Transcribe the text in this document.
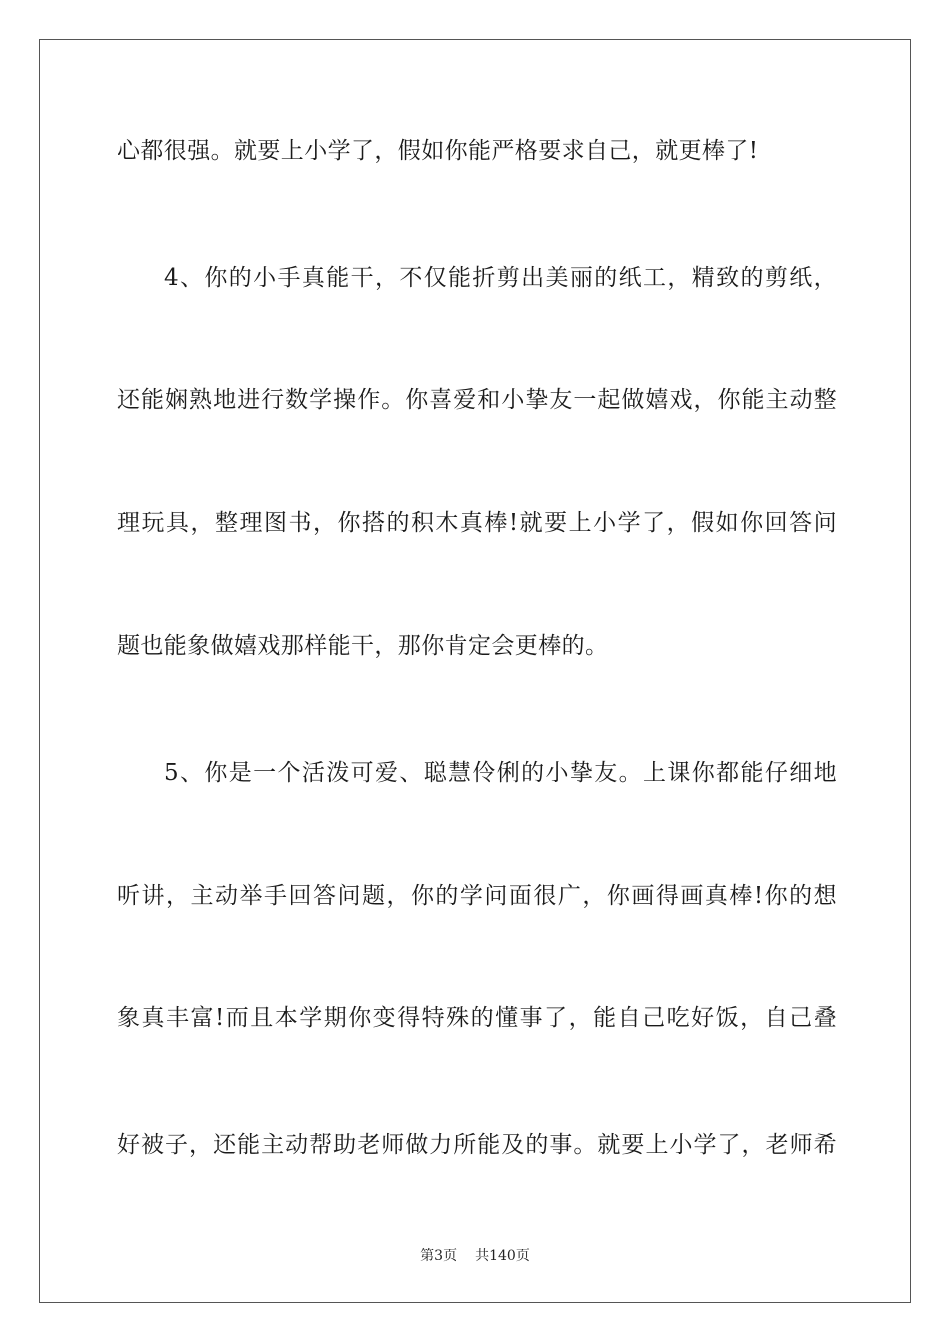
心都很强。就要上小学了，假如你能严格要求自己，就更棒了!
4、你的小手真能干，不仅能折剪出美丽的纸工，精致的剪纸，
还能娴熟地进行数学操作。你喜爱和小挚友一起做嬉戏，你能主动整
理玩具，整理图书，你搭的积木真棒!就要上小学了，假如你回答问
题也能象做嬉戏那样能干，那你肯定会更棒的。
5、你是一个活泼可爱、聪慧伶俐的小挚友。上课你都能仔细地
听讲，主动举手回答问题，你的学问面很广，你画得画真棒!你的想
象真丰富!而且本学期你变得特殊的懂事了，能自己吃好饭，自己叠
好被子，还能主动帮助老师做力所能及的事。就要上小学了，老师希
第3页 共140页
